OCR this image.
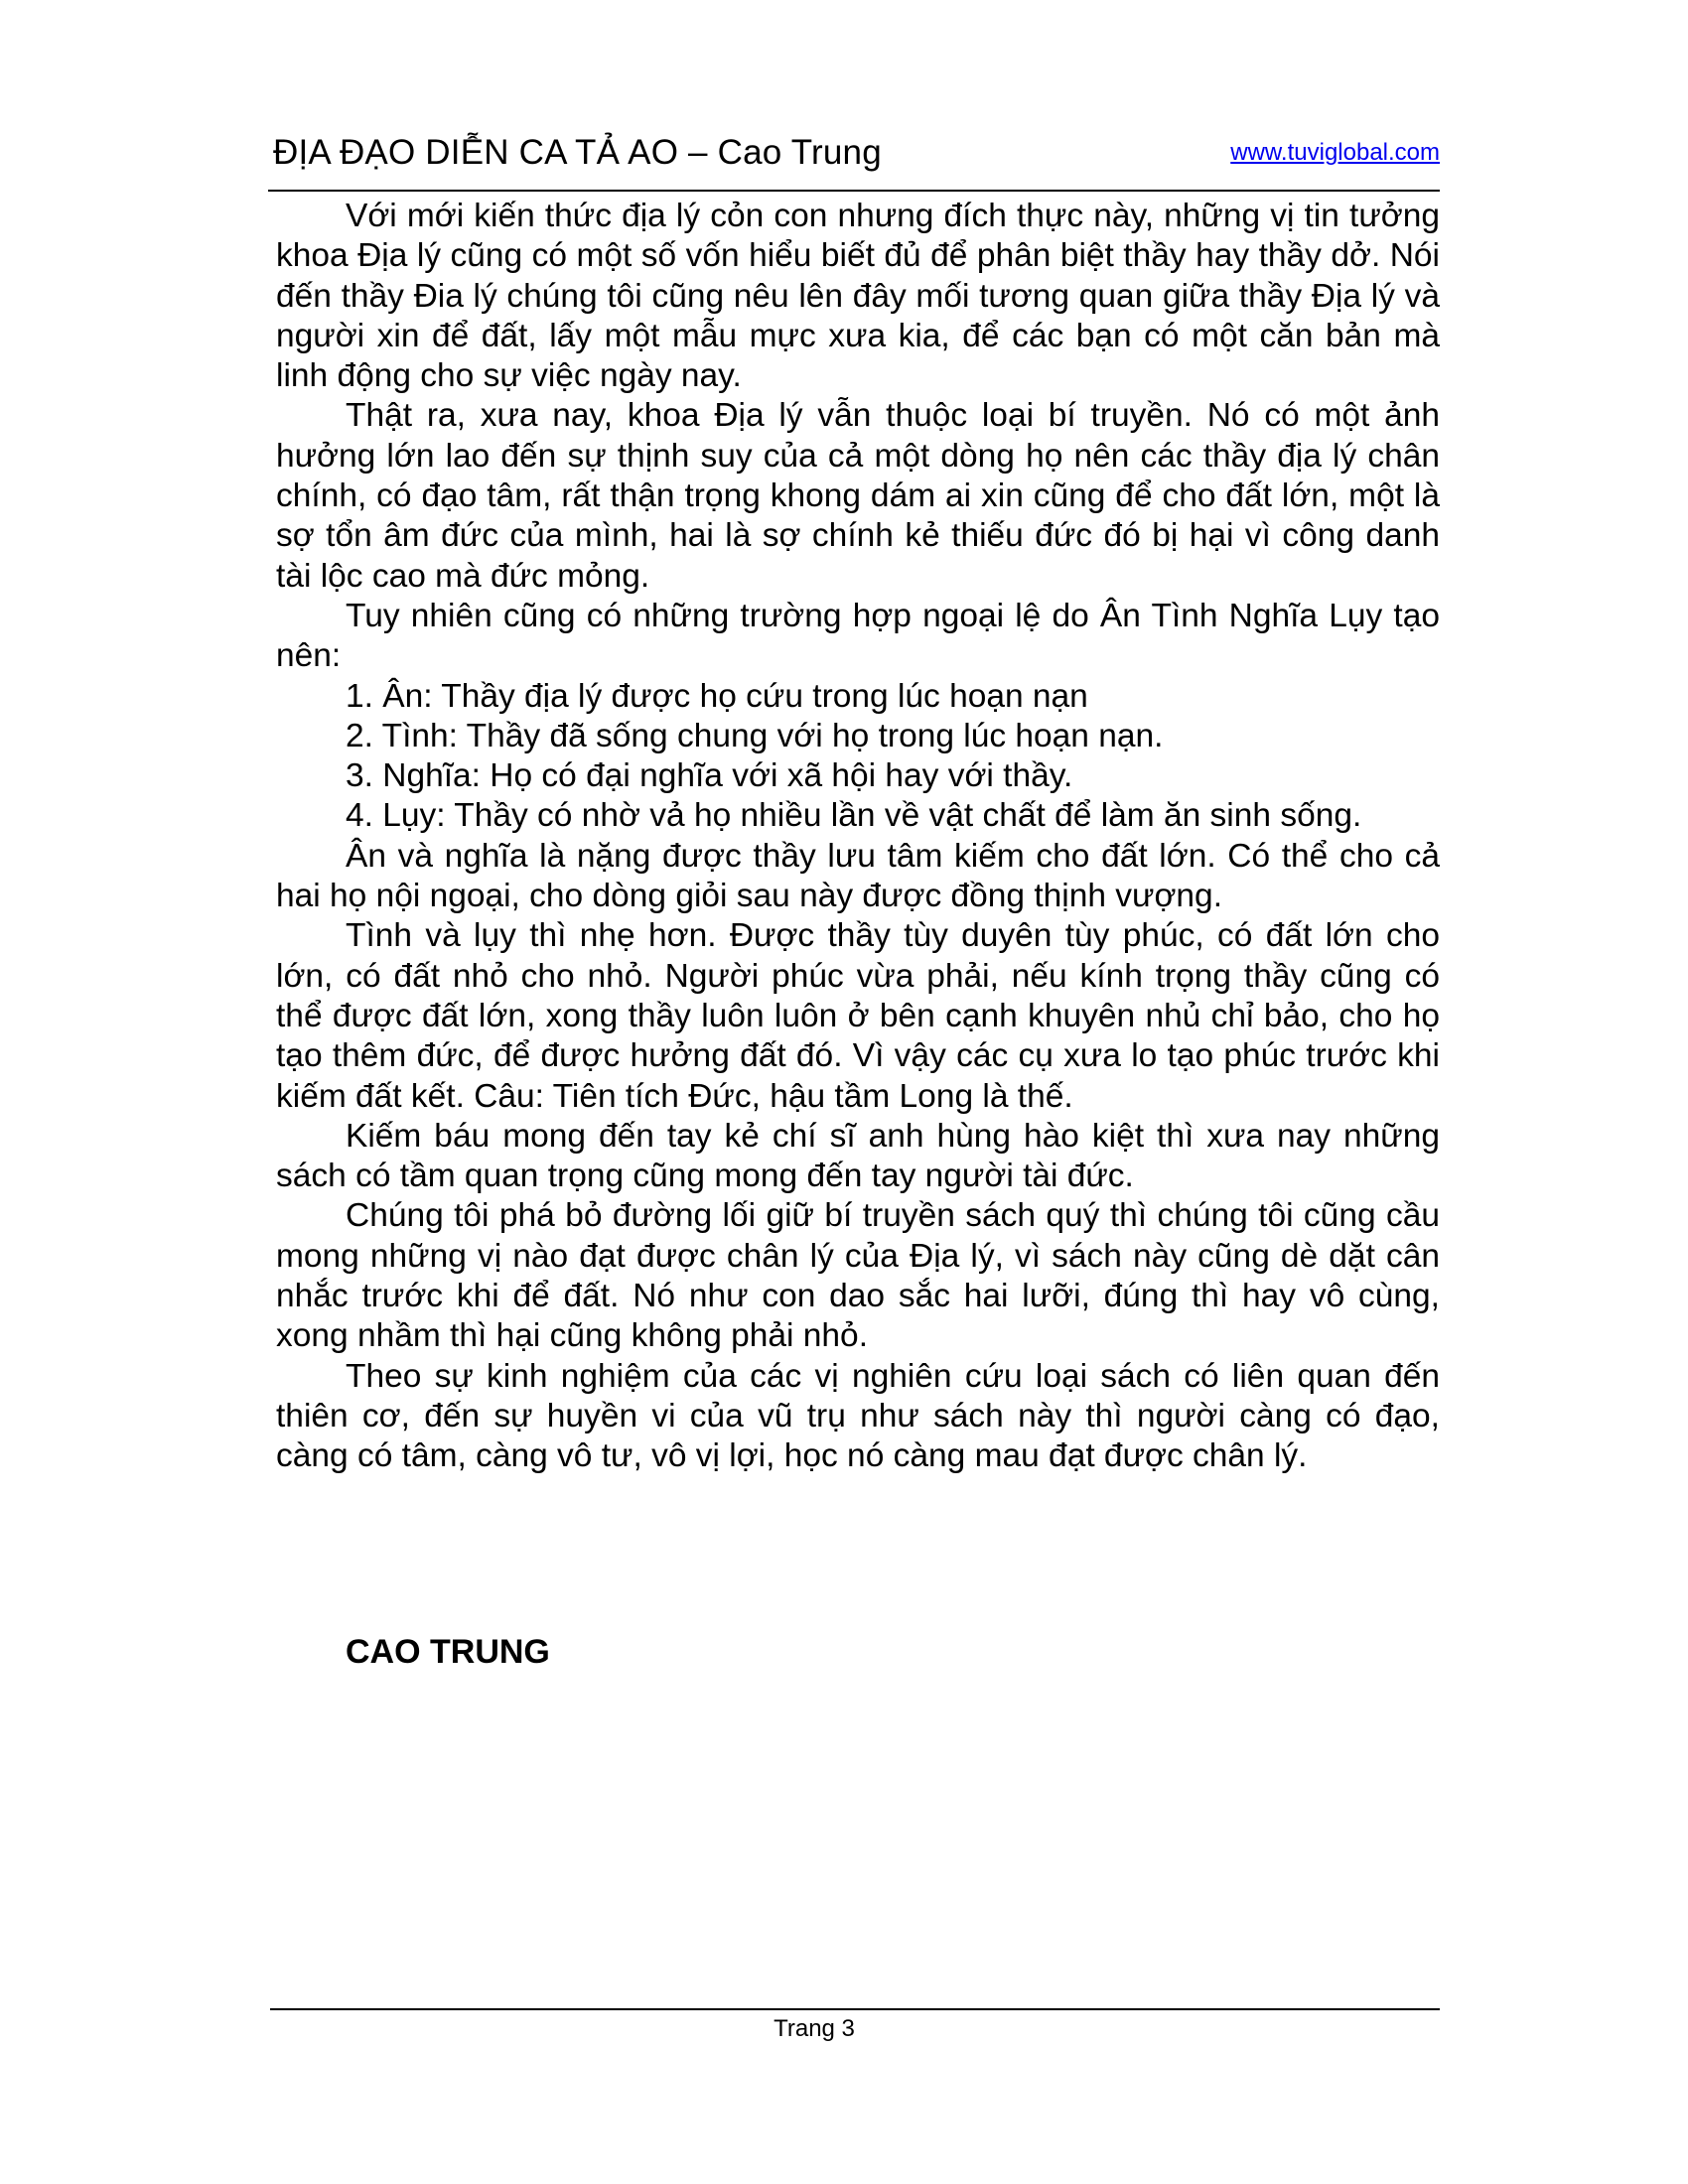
ĐỊA ĐẠO DIỄN CA TẢ AO – Cao Trung	www.tuviglobal.com

Với mới kiến thức địa lý cỏn con nhưng đích thực này, những vị tin tưởng khoa Địa lý cũng có một số vốn hiểu biết đủ để phân biệt thầy hay thầy dở. Nói đến thầy Đia lý chúng tôi cũng nêu lên đây mối tương quan giữa thầy Địa lý và người xin để đất, lấy một mẫu mực xưa kia, để các bạn có một căn bản mà linh động cho sự việc ngày nay.

Thật ra, xưa nay, khoa Địa lý vẫn thuộc loại bí truyền. Nó có một ảnh hưởng lớn lao đến sự thịnh suy của cả một dòng họ nên các thầy địa lý chân chính, có đạo tâm, rất thận trọng khong dám ai xin cũng để cho đất lớn, một là sợ tổn âm đức của mình, hai là sợ chính kẻ thiếu đức đó bị hại vì công danh tài lộc cao mà đức mỏng.

Tuy nhiên cũng có những trường hợp ngoại lệ do Ân Tình Nghĩa Lụy tạo nên:

1. Ân: Thầy địa lý được họ cứu trong lúc hoạn nạn

2. Tình: Thầy đã sống chung với họ trong lúc hoạn nạn.

3. Nghĩa: Họ có đại nghĩa với xã hội hay với thầy.

4. Lụy: Thầy có nhờ vả họ nhiều lần về vật chất để làm ăn sinh sống.

Ân và nghĩa là nặng được thầy lưu tâm kiếm cho đất lớn. Có thể cho cả hai họ nội ngoại, cho dòng giỏi sau này được đồng thịnh vượng.

Tình và lụy thì nhẹ hơn. Được thầy tùy duyên tùy phúc, có đất lớn cho lớn, có đất nhỏ cho nhỏ. Người phúc vừa phải, nếu kính trọng thầy cũng có thể được đất lớn, xong thầy luôn luôn ở bên cạnh khuyên nhủ chỉ bảo, cho họ tạo thêm đức, để được hưởng đất đó. Vì vậy các cụ xưa lo tạo phúc trước khi kiếm đất kết. Câu: Tiên tích Đức, hậu tầm Long là thế.

Kiếm báu mong đến tay kẻ chí sĩ anh hùng hào kiệt thì xưa nay những sách có tầm quan trọng cũng mong đến tay người tài đức.

Chúng tôi phá bỏ đường lối giữ bí truyền sách quý thì chúng tôi cũng cầu mong những vị nào đạt được chân lý của Địa lý, vì sách này cũng dè dặt cân nhắc trước khi để đất. Nó như con dao sắc hai lưỡi, đúng thì hay vô cùng, xong nhầm thì hại cũng không phải nhỏ.

Theo sự kinh nghiệm của các vị nghiên cứu loại sách có liên quan đến thiên cơ, đến sự huyền vi của vũ trụ như sách này thì người càng có đạo, càng có tâm, càng vô tư, vô vị lợi, học nó càng mau đạt được chân lý.

CAO TRUNG
Trang 3
